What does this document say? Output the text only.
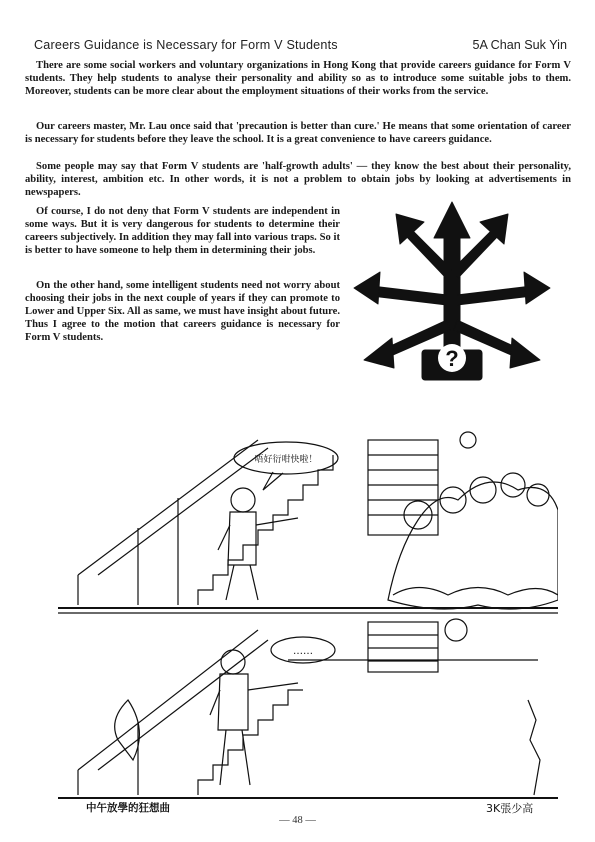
Careers Guidance is Necessary for Form V Students	5A Chan Suk Yin

There are some social workers and voluntary organizations in Hong Kong that provide careers guidance for Form V students. They help students to analyse their personality and ability so as to introduce some suitable jobs to them. Moreover, students can be more clear about the employment situations of their works from the service.

Our careers master, Mr. Lau once said that 'precaution is better than cure.' He means that some orientation of career is necessary for students before they leave the school. It is a great convenience to have careers guidance.

Some people may say that Form V students are 'half-growth adults' — they know the best about their personality, ability, interest, ambition etc. In other words, it is not a problem to obtain jobs by looking at advertisements in newspapers.

Of course, I do not deny that Form V students are independent in some ways. But it is very dangerous for students to determine their careers subjectively. In addition they may fall into various traps. So it is better to have someone to help them in determining their jobs.

On the other hand, some intelligent students need not worry about choosing their jobs in the next couple of years if they can promote to Lower and Upper Six. All as same, we must have insight about future. Thus I agree to the motion that careers guidance is necessary for Form V students.

?
唔好衍咁快啦！
……
中午放學的狂想曲	3K張少高
— 48 —
